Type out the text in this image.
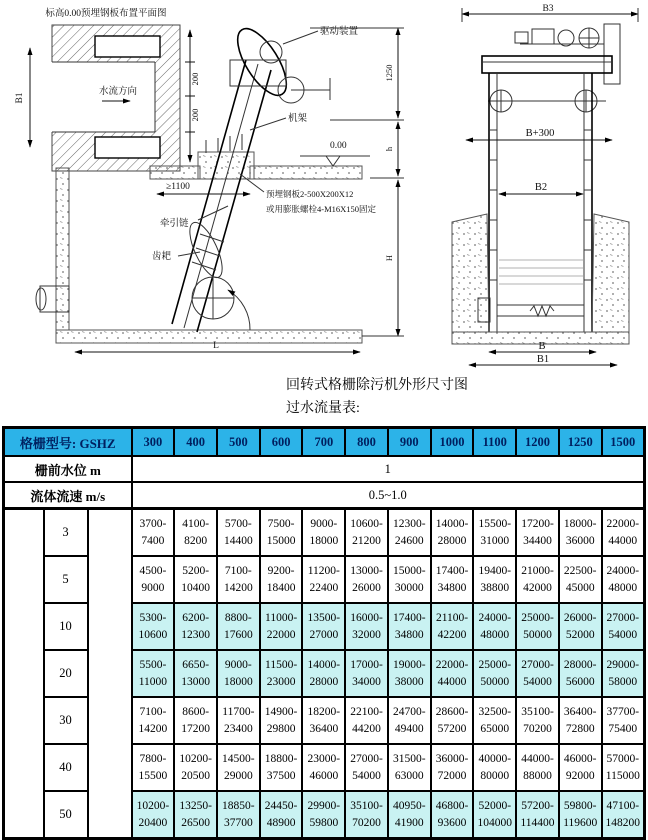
标高0.00预埋钢板布置平面图
水流方向
B1
200
200
0.00
驱动装置
机架
预埋钢板2-500X200X12
或用膨胀螺栓4-M16X150固定
≥1100
牵引链
齿耙
L
1250
h
H
B3
B+300
B2
B
B1
回转式格栅除污机外形尺寸图
过水流量表:
格栅型号: GSHZ			300	400	500	600	700	800	900	1000	1100	1200	1250	1500
栅前水位 m			1											
流体流速 m/s			0.5~1.0											
	3		3700-
7400	4100-
8200	5700-
14400	7500-
15000	9000-
18000	10600-
21200	12300-
24600	14000-
28000	15500-
31000	17200-
34400	18000-
36000	22000-
44000
	5		4500-
9000	5200-
10400	7100-
14200	9200-
18400	11200-
22400	13000-
26000	15000-
30000	17400-
34800	19400-
38800	21000-
42000	22500-
45000	24000-
48000
	10		5300-
10600	6200-
12300	8800-
17600	11000-
22000	13500-
27000	16000-
32000	17400-
34800	21100-
42200	24000-
48000	25000-
50000	26000-
52000	27000-
54000
	20		5500-
11000	6650-
13000	9000-
18000	11500-
23000	14000-
28000	17000-
34000	19000-
38000	22000-
44000	25000-
50000	27000-
54000	28000-
56000	29000-
58000
	30		7100-
14200	8600-
17200	11700-
23400	14900-
29800	18200-
36400	22100-
44200	24700-
49400	28600-
57200	32500-
65000	35100-
70200	36400-
72800	37700-
75400
	40		7800-
15500	10200-
20500	14500-
29000	18800-
37500	23000-
46000	27000-
54000	31500-
63000	36000-
72000	40000-
80000	44000-
88000	46000-
92000	57000-
115000
	50		10200-
20400	13250-
26500	18850-
37700	24450-
48900	29900-
59800	35100-
70200	40950-
41900	46800-
93600	52000-
104000	57200-
114400	59800-
119600	47100-
148200
